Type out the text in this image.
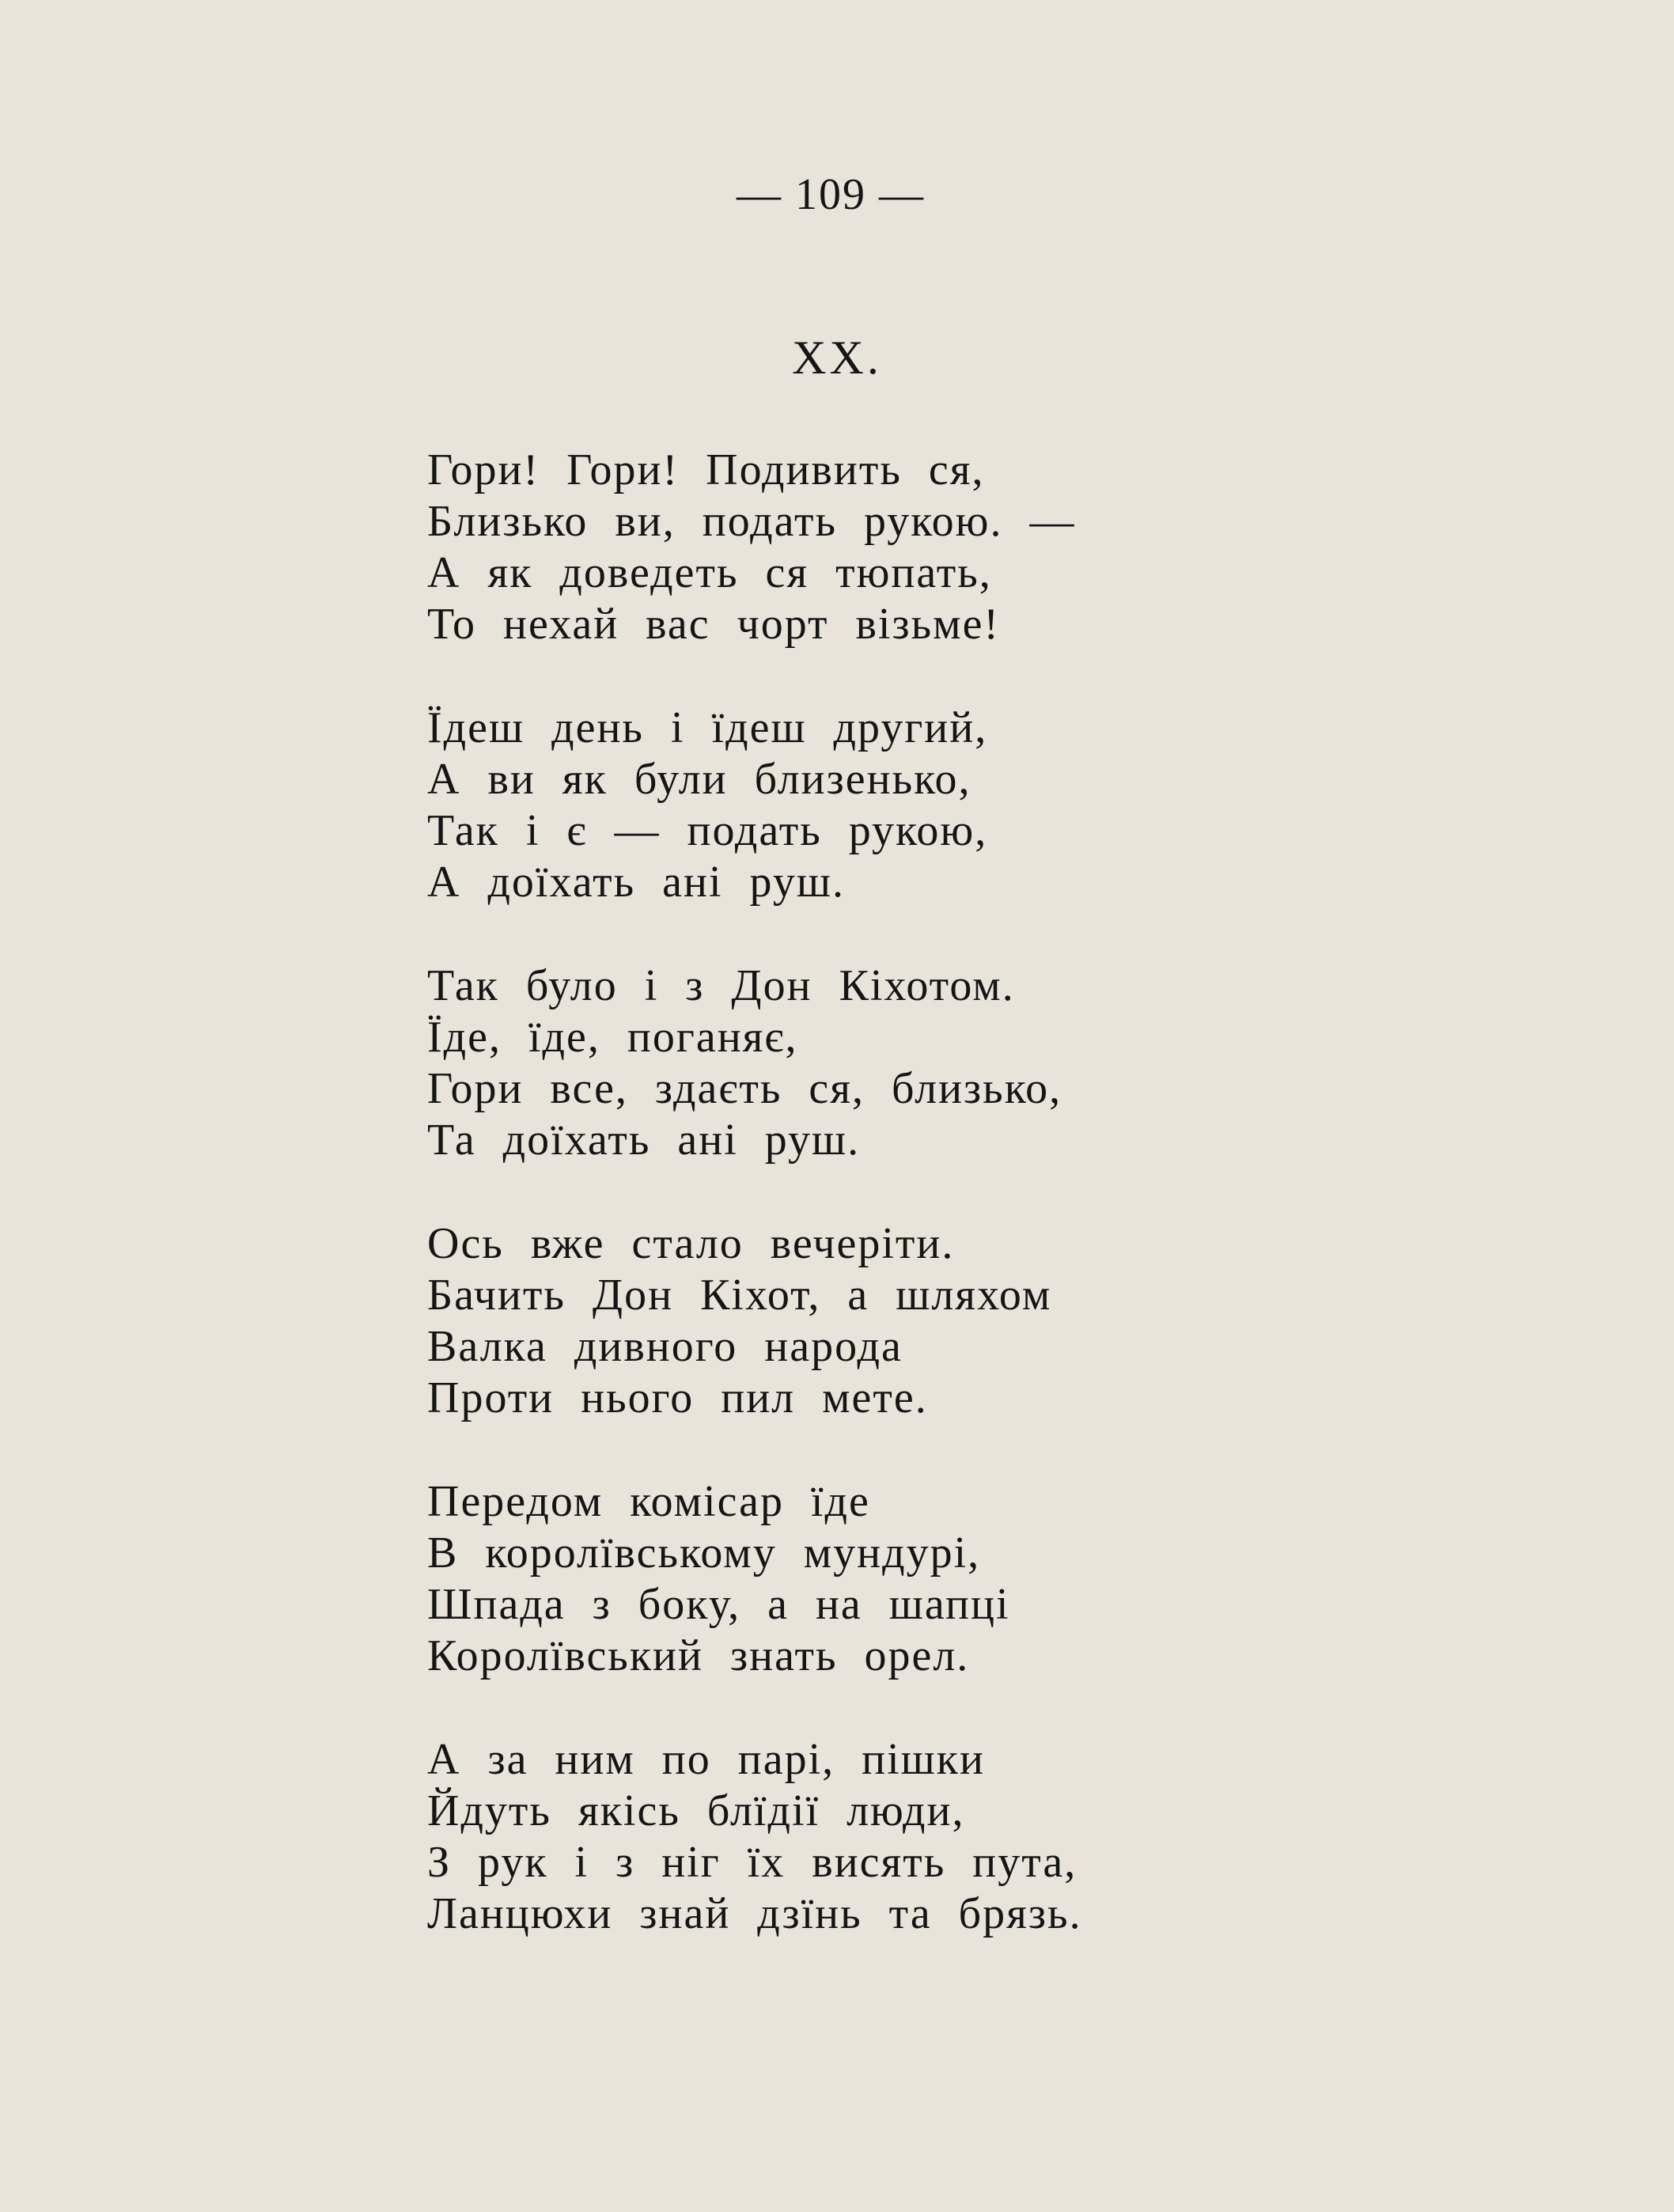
— 109 —
XX.
Гори! Гори! Подивить ся,
Близько ви, подать рукою. —
А як доведеть ся тюпать,
То нехай вас чорт візьме!
Їдеш день і їдеш другий,
А ви як були близенько,
Так і є — подать рукою,
А доїхать ані руш.
Так було і з Дон Кіхотом.
Їде, їде, поганяє,
Гори все, здаєть ся, близько,
Та доїхать ані руш.
Ось вже стало вечеріти.
Бачить Дон Кіхот, а шляхом
Валка дивного народа
Проти нього пил мете.
Передом комісар їде
В королївському мундурі,
Шпада з боку, а на шапці
Королївський знать орел.
А за ним по парі, пішки
Йдуть якісь блїдії люди,
З рук і з ніг їх висять пута,
Ланцюхи знай дзїнь та брязь.
